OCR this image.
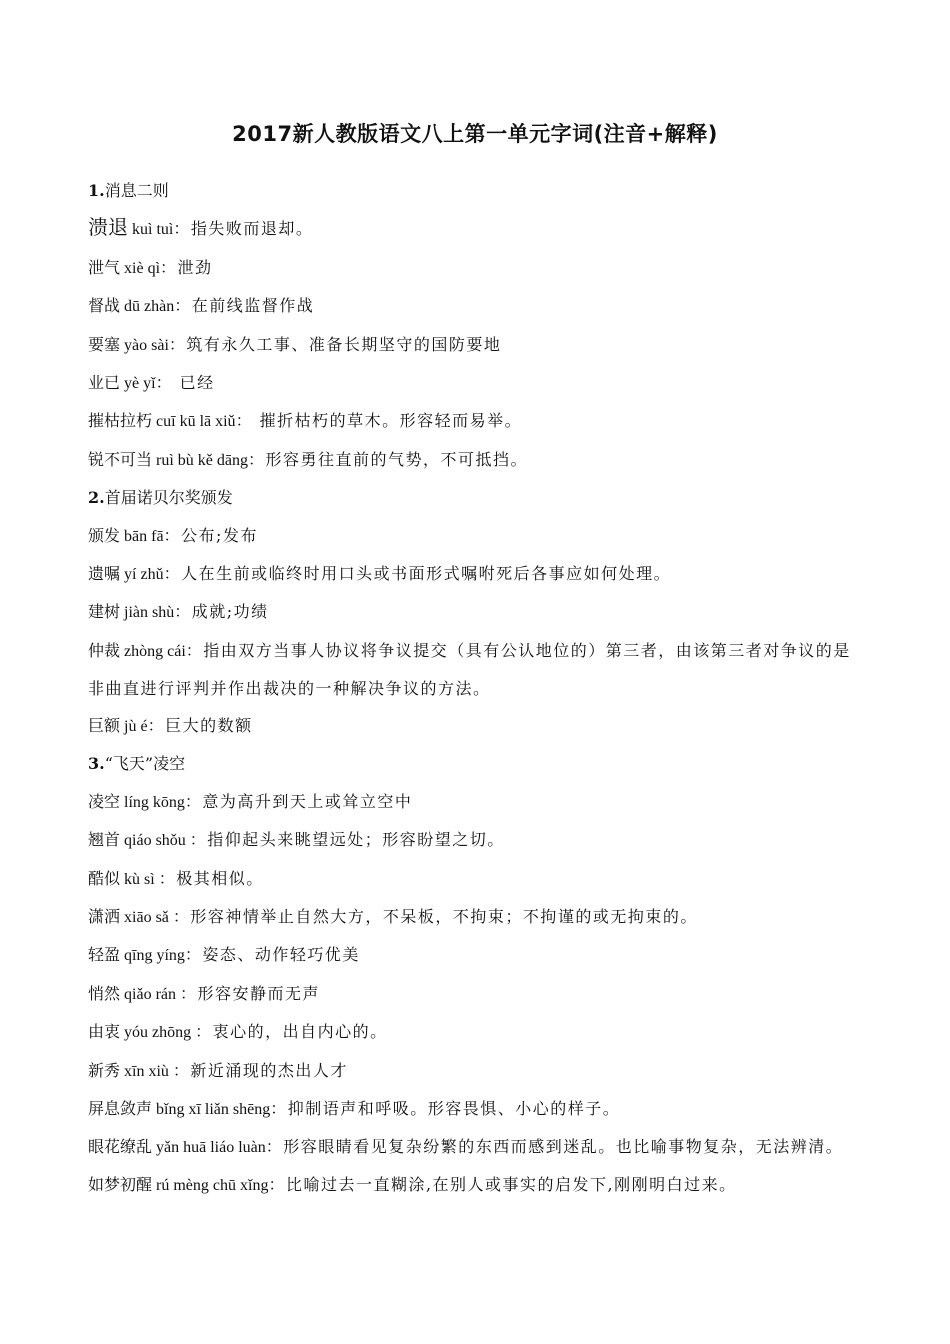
2017新人教版语文八上第一单元字词(注音+解释)
1.消息二则
溃退 kuì tuì：指失败而退却。
泄气 xiè qì：泄劲
督战 dū zhàn：在前线监督作战
要塞 yào sài：筑有永久工事、准备长期坚守的国防要地
业已 yè yǐ： 已经
摧枯拉朽 cuī kū lā xiǔ： 摧折枯朽的草木。形容轻而易举。
锐不可当 ruì bù kě dāng：形容勇往直前的气势，不可抵挡。
2.首届诺贝尔奖颁发
颁发 bān fā：公布;发布
遗嘱 yí zhǔ：人在生前或临终时用口头或书面形式嘱咐死后各事应如何处理。
建树 jiàn shù：成就;功绩
仲裁 zhòng cái：指由双方当事人协议将争议提交（具有公认地位的）第三者，由该第三者对争议的是非曲直进行评判并作出裁决的一种解决争议的方法。
巨额 jù é：巨大的数额
3.“飞天”凌空
凌空 líng kōng：意为高升到天上或耸立空中
翘首 qiáo shǒu ：指仰起头来眺望远处；形容盼望之切。
酷似 kù sì ：极其相似。
潇洒 xiāo sǎ ：形容神情举止自然大方，不呆板，不拘束；不拘谨的或无拘束的。
轻盈 qīng yíng：姿态、动作轻巧优美
悄然 qiǎo rán ：形容安静而无声
由衷 yóu zhōng ：衷心的，出自内心的。
新秀 xīn xiù ：新近涌现的杰出人才
屏息敛声 bǐng xī liǎn shēng：抑制语声和呼吸。形容畏惧、小心的样子。
眼花缭乱 yǎn huā liáo luàn：形容眼睛看见复杂纷繁的东西而感到迷乱。也比喻事物复杂，无法辨清。
如梦初醒 rú mèng chū xǐng：比喻过去一直糊涂,在别人或事实的启发下,刚刚明白过来。
